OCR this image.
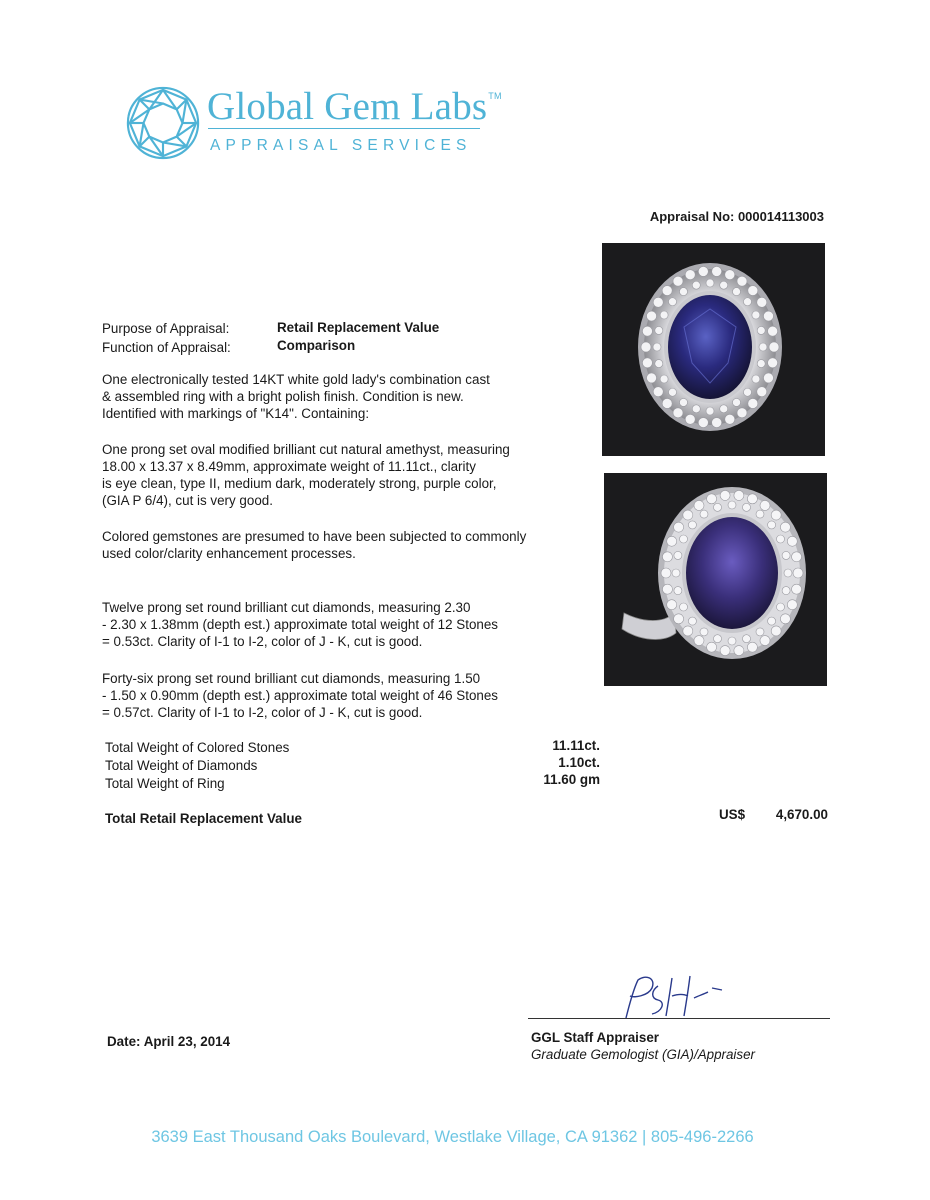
Global Gem Labs™
APPRAISAL SERVICES
Appraisal No: 000014113003
Purpose of Appraisal:	Retail Replacement Value
Function of Appraisal:	Comparison
One electronically tested 14KT white gold lady's combination cast
& assembled ring with a bright polish finish. Condition is new.
Identified with markings of "K14". Containing:
One prong set oval modified brilliant cut natural amethyst, measuring
18.00 x 13.37 x 8.49mm, approximate weight of 11.11ct., clarity
is eye clean, type II, medium dark, moderately strong, purple color,
(GIA P 6/4), cut is very good.
Colored gemstones are presumed to have been subjected to commonly
used color/clarity enhancement processes.
Twelve prong set round brilliant cut diamonds, measuring 2.30
- 2.30 x 1.38mm (depth est.) approximate total weight of 12 Stones
= 0.53ct. Clarity of I-1 to I-2, color of J - K, cut is good.
Forty-six prong set round brilliant cut diamonds, measuring 1.50
- 1.50 x 0.90mm (depth est.) approximate total weight of 46 Stones
= 0.57ct. Clarity of I-1 to I-2, color of J - K, cut is good.
Total Weight of Colored Stones	11.11ct.
Total Weight of Diamonds	1.10ct.
Total Weight of Ring	11.60 gm
Total Retail Replacement Value	US$ 4,670.00
Date: April 23, 2014	GGL Staff Appraiser
Graduate Gemologist (GIA)/Appraiser
3639 East Thousand Oaks Boulevard, Westlake Village, CA 91362 | 805-496-2266
